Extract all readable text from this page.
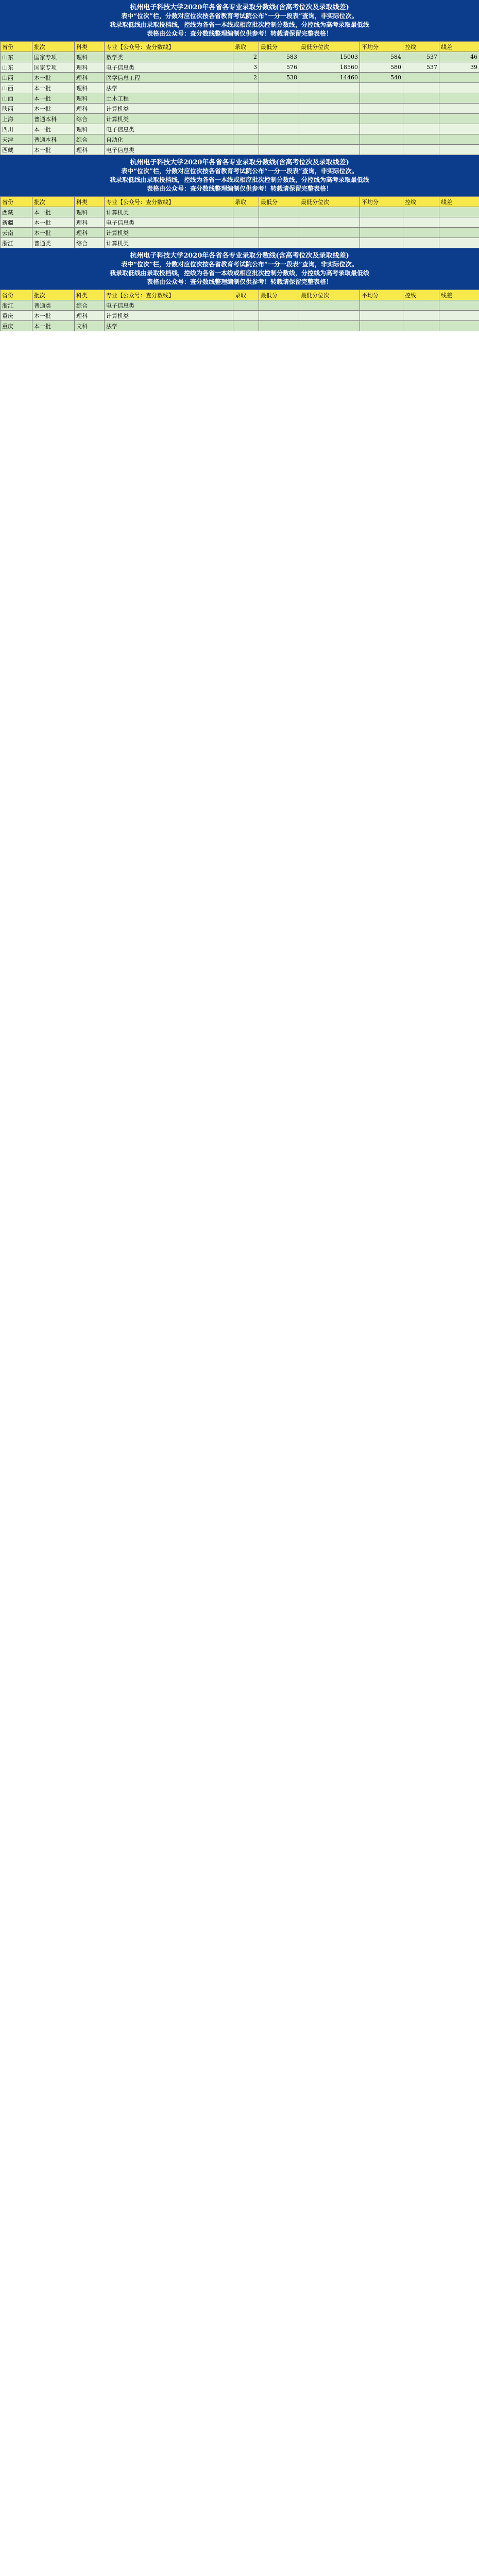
杭州电子科技大学2020年各省各专业录取分数线(含高考位次及录取线差)
表中“位次”栏，分数对应位次按各省教育考试院公布“一分一段表”查询，非实际位次。
我录取低线由录取投档线，控线为各省一本线或相应批次控制分数线，分控线为高考录取最低线
表格由公众号：查分数线整理编制仅供参考！转载请保留完整表格！
省份	批次	科类	专业【公众号：查分数线】	录取	最低分	最低分位次	平均分	控线	线差
山东	国家专项	理科	数学类	2	583	15003	584	537	46
山东	国家专项	理科	电子信息类	3	576	18560	580	537	39
山西	本一批	理科	医学信息工程	2	538	14460	540		
山西	本一批	理科	法学						
山西	本一批	理科	土木工程						
陕西	本一批	理科	计算机类						
上海	普通本科	综合	计算机类						
四川	本一批	理科	电子信息类						
天津	普通本科	综合	自动化						
西藏	本一批	理科	电子信息类						
杭州电子科技大学2020年各省各专业录取分数线(含高考位次及录取线差)
表中“位次”栏，分数对应位次按各省教育考试院公布“一分一段表”查询，非实际位次。
我录取低线由录取投档线，控线为各省一本线或相应批次控制分数线，分控线为高考录取最低线
表格由公众号：查分数线整理编制仅供参考！转载请保留完整表格！
省份	批次	科类	专业【公众号：查分数线】	录取	最低分	最低分位次	平均分	控线	线差
西藏	本一批	理科	计算机类						
新疆	本一批	理科	电子信息类						
云南	本一批	理科	计算机类						
浙江	普通类	综合	计算机类						
杭州电子科技大学2020年各省各专业录取分数线(含高考位次及录取线差)
表中“位次”栏，分数对应位次按各省教育考试院公布“一分一段表”查询，非实际位次。
我录取低线由录取投档线，控线为各省一本线或相应批次控制分数线，分控线为高考录取最低线
表格由公众号：查分数线整理编制仅供参考！转载请保留完整表格！
省份	批次	科类	专业【公众号：查分数线】	录取	最低分	最低分位次	平均分	控线	线差
浙江	普通类	综合	电子信息类						
重庆	本一批	理科	计算机类						
重庆	本一批	文科	法学						
